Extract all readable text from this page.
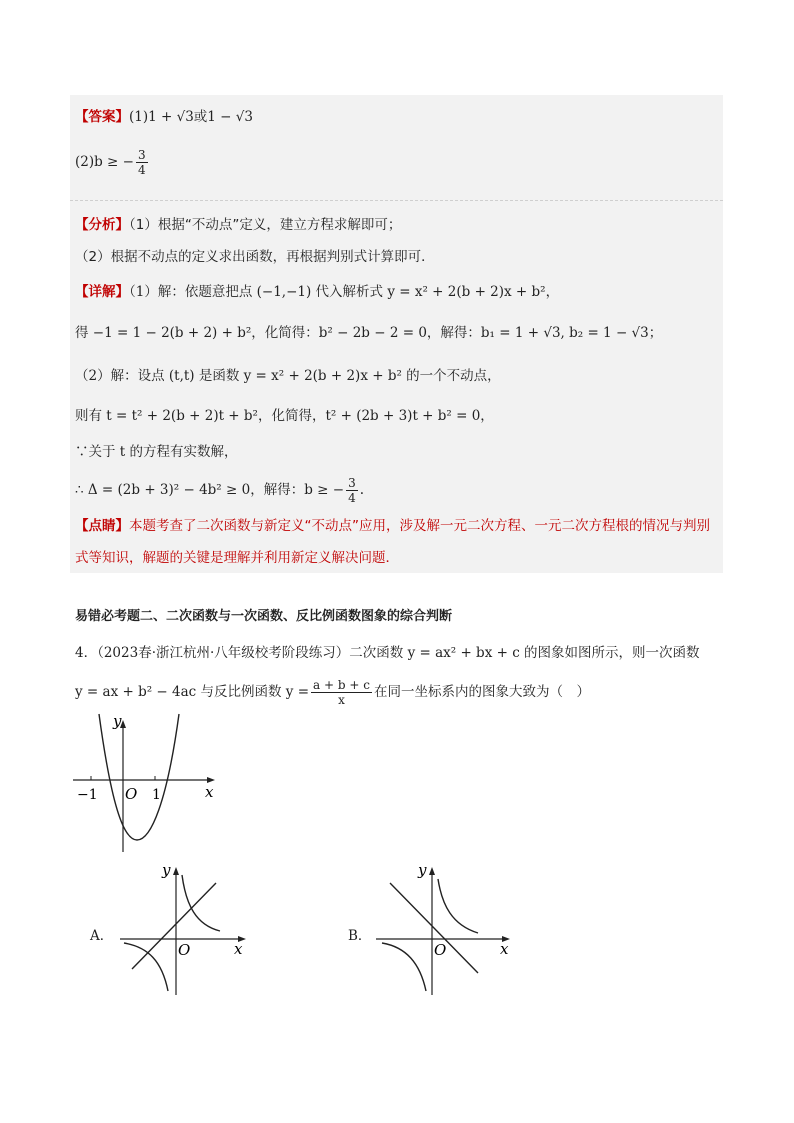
【答案】(1)1 + √3或1 − √3
(2)b ≥ − $\frac{3}{4}$
【分析】（1）根据“不动点”定义，建立方程求解即可；
（2）根据不动点的定义求出函数，再根据判别式计算即可．
【详解】（1）解：依题意把点 (−1,−1) 代入解析式 y = x² + 2(b + 2)x + b²，
得 −1 = 1 − 2(b + 2) + b²，化简得：b² − 2b − 2 = 0，解得：b₁ = 1 + √3, b₂ = 1 − √3；
（2）解：设点 (t,t) 是函数 y = x² + 2(b + 2)x + b² 的一个不动点，
则有 t = t² + 2(b + 2)t + b²，化简得，t² + (2b + 3)t + b² = 0，
∵关于 t 的方程有实数解，
∴ Δ = (2b + 3)² − 4b² ≥ 0，解得：b ≥ − $\frac{3}{4}$ .
【点睛】本题考查了二次函数与新定义“不动点”应用，涉及解一元二次方程、一元二次方程根的情况与判别
式等知识，解题的关键是理解并利用新定义解决问题．
易错必考题二、二次函数与一次函数、反比例函数图象的综合判断
4．（2023春·浙江杭州·八年级校考阶段练习）二次函数 y = ax² + bx + c 的图象如图所示，则一次函数
y = ax + b² − 4ac 与反比例函数 $y = \frac{a + b + c}{x}$ 在同一坐标系内的图象大致为（　）
y
x
O
−1	1
A．
y
x
O
B．
y
x
O
